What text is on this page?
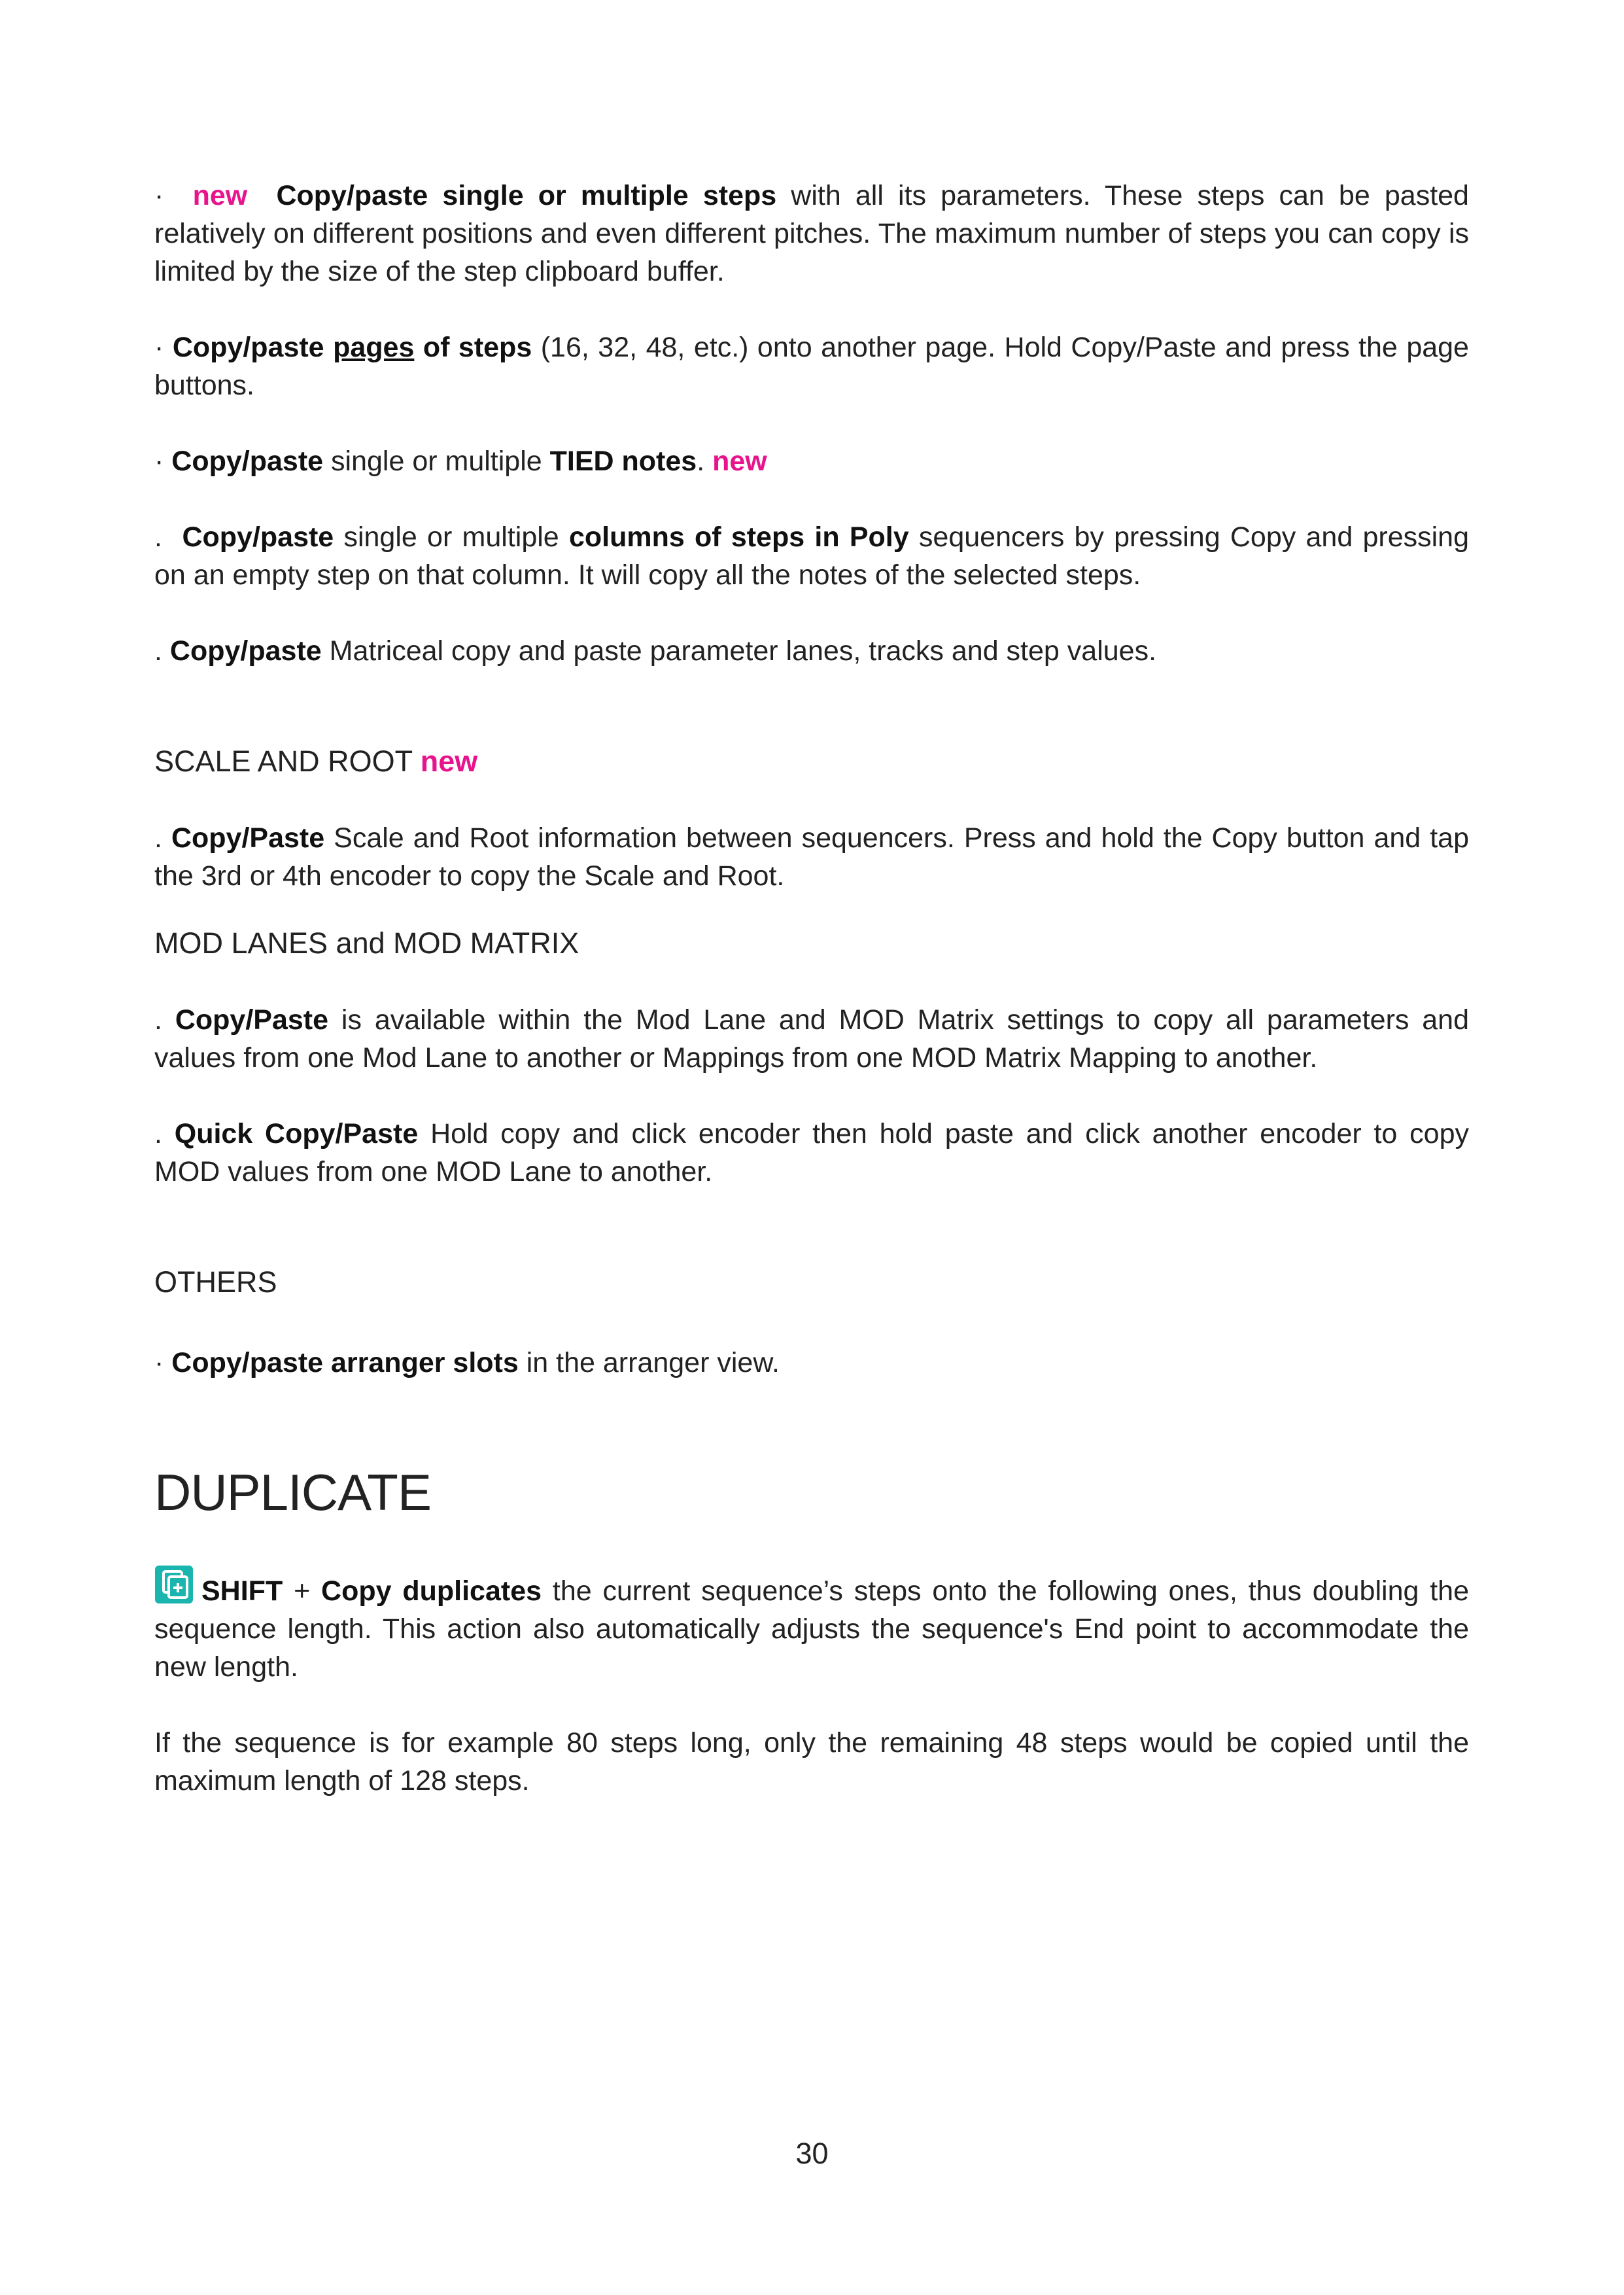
· new Copy/paste single or multiple steps with all its parameters. These steps can be pasted relatively on different positions and even different pitches. The maximum number of steps you can copy is limited by the size of the step clipboard buffer.

· Copy/paste pages of steps (16, 32, 48, etc.) onto another page. Hold Copy/Paste and press the page buttons.

· Copy/paste single or multiple TIED notes. new

. Copy/paste single or multiple columns of steps in Poly sequencers by pressing Copy and pressing on an empty step on that column. It will copy all the notes of the selected steps.

. Copy/paste Matriceal copy and paste parameter lanes, tracks and step values.

SCALE AND ROOT new

. Copy/Paste Scale and Root information between sequencers. Press and hold the Copy button and tap the 3rd or 4th encoder to copy the Scale and Root.

MOD LANES and MOD MATRIX

. Copy/Paste is available within the Mod Lane and MOD Matrix settings to copy all parameters and values from one Mod Lane to another or Mappings from one MOD Matrix Mapping to another.

. Quick Copy/Paste Hold copy and click encoder then hold paste and click another encoder to copy MOD values from one MOD Lane to another.

OTHERS

· Copy/paste arranger slots in the arranger view.

DUPLICATE

SHIFT + Copy duplicates the current sequence’s steps onto the following ones, thus doubling the sequence length. This action also automatically adjusts the sequence's End point to accommodate the new length.

If the sequence is for example 80 steps long, only the remaining 48 steps would be copied until the maximum length of 128 steps.

30
